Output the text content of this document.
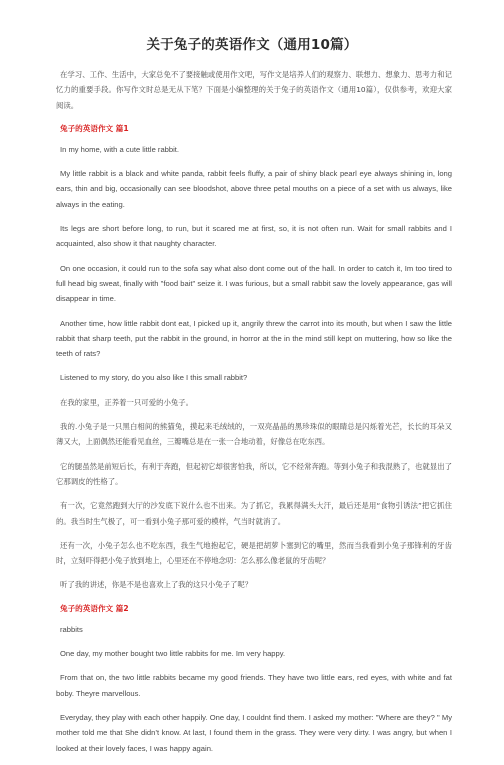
关于兔子的英语作文（通用10篇）

在学习、工作、生活中，大家总免不了要接触或使用作文吧，写作文是培养人们的观察力、联想力、想象力、思考力和记忆力的重要手段。你写作文时总是无从下笔？下面是小编整理的关于兔子的英语作文（通用10篇），仅供参考，欢迎大家阅读。

兔子的英语作文 篇1

In my home, with a cute little rabbit.

My little rabbit is a black and white panda, rabbit feels fluffy, a pair of shiny black pearl eye always shining in, long ears, thin and big, occasionally can see bloodshot, above three petal mouths on a piece of a set with us always, like always in the eating.

Its legs are short before long, to run, but it scared me at first, so, it is not often run. Wait for small rabbits and I acquainted, also show it that naughty character.

On one occasion, it could run to the sofa say what also dont come out of the hall. In order to catch it, Im too tired to full head big sweat, finally with "food bait" seize it. I was furious, but a small rabbit saw the lovely appearance, gas will disappear in time.

Another time, how little rabbit dont eat, I picked up it, angrily threw the carrot into its mouth, but when I saw the little rabbit that sharp teeth, put the rabbit in the ground, in horror at the in the mind still kept on muttering, how so like the teeth of rats?

Listened to my story, do you also like I this small rabbit?

在我的家里，正养着一只可爱的小兔子。

我的.小兔子是一只黑白相间的熊猫兔，摸起来毛绒绒的，一双亮晶晶的黑珍珠似的眼睛总是闪烁着光芒，长长的耳朵又薄又大，上面偶然还能看见血丝，三瓣嘴总是在一张一合地动着，好像总在吃东西。

它的腿虽然是前短后长，有利于奔跑，但起初它却很害怕我，所以，它不经常奔跑。等到小兔子和我混熟了，也就显出了它那调皮的性格了。

有一次，它竟然跑到大厅的沙发底下说什么也不出来。为了抓它，我累得满头大汗，最后还是用“食物引诱法”把它抓住的。我当时生气极了，可一看到小兔子那可爱的模样，气当时就消了。

还有一次，小兔子怎么也不吃东西，我生气地抱起它，硬是把胡萝卜塞到它的嘴里，然而当我看到小兔子那锋利的牙齿时，立刻吓得把小兔子放到地上，心里还在不停地念叨：怎么那么像老鼠的牙齿呢？

听了我的讲述，你是不是也喜欢上了我的这只小兔子了呢？

兔子的英语作文 篇2

rabbits

One day, my mother bought two little rabbits for me. Im very happy.

From that on, the two little rabbits became my good friends. They have two little ears, red eyes, with white and fat boby. Theyre marvellous.

Everyday, they play with each other happily. One day, I couldnt find them. I asked my mother: "Where are they? " My mother told me that She didn’t know. At last, I found them in the grass. They were very dirty. I was angry, but when I looked at their lovely faces, I was happy again.
